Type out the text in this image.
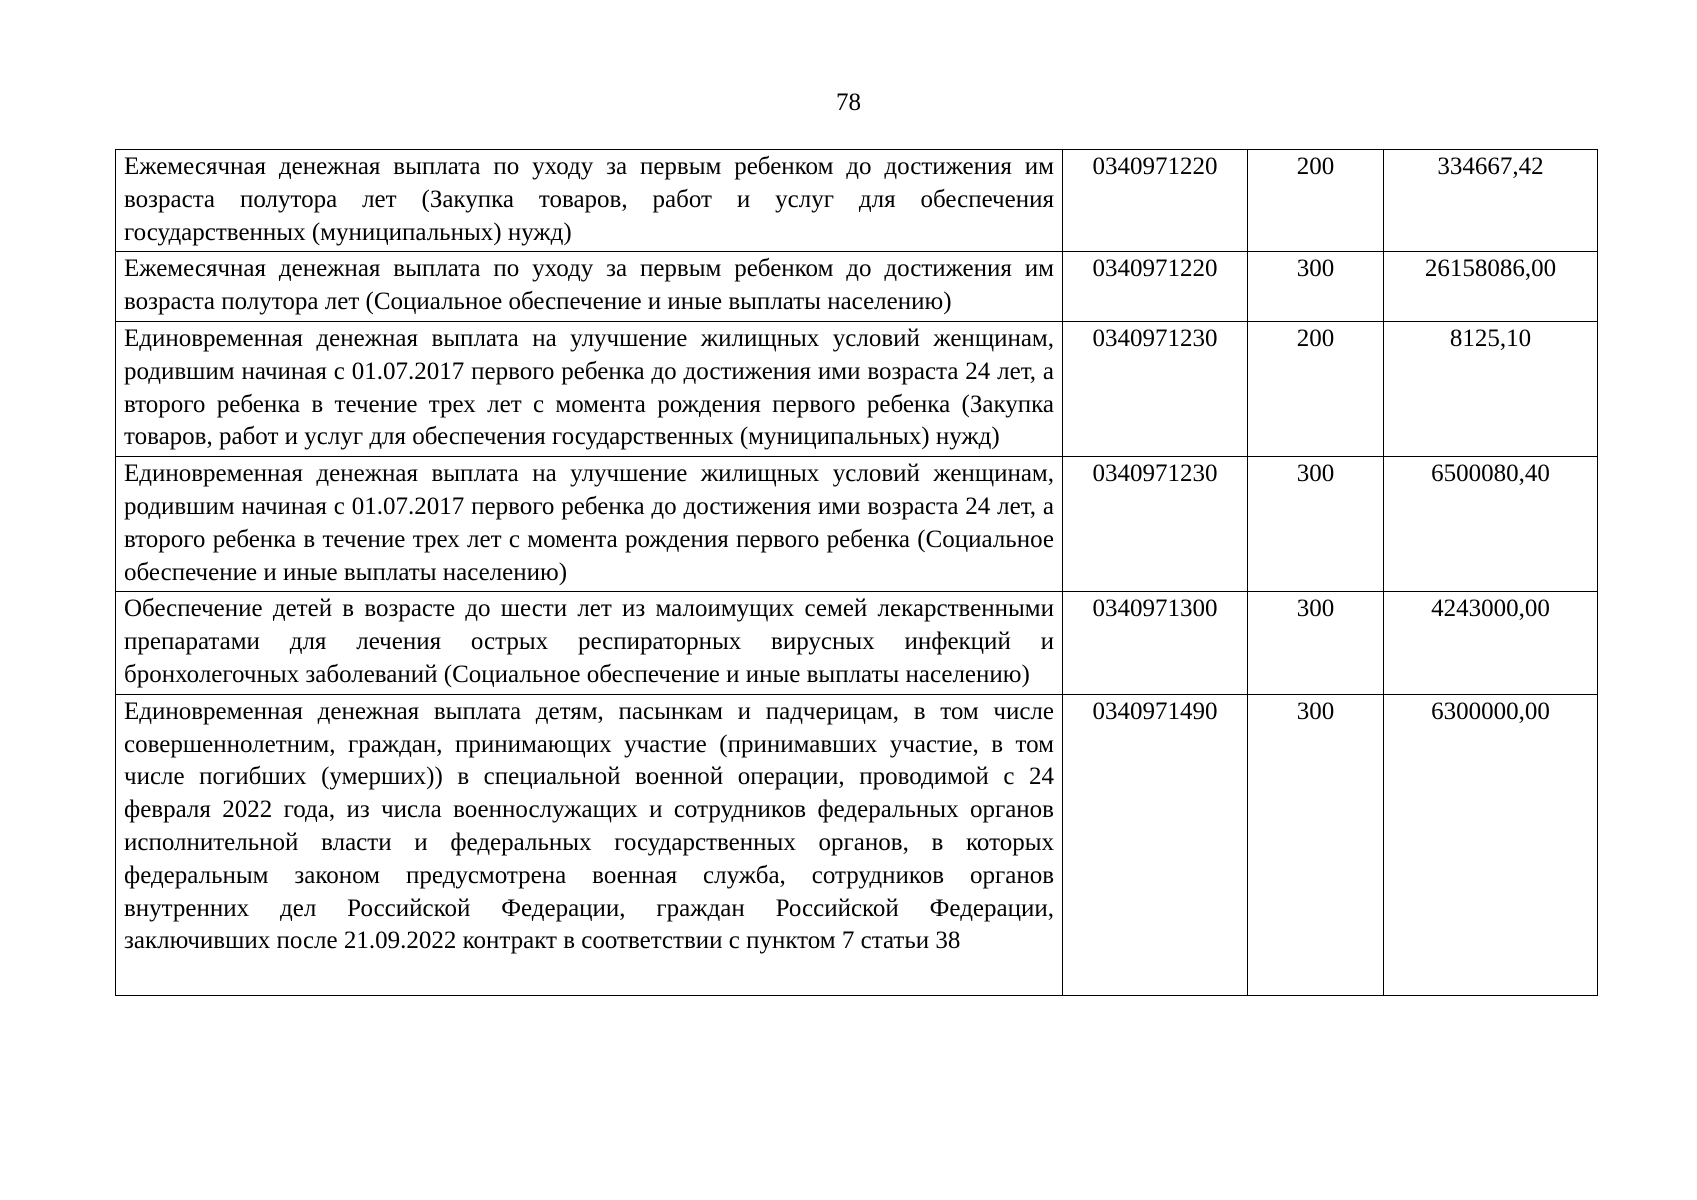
78
Ежемесячная денежная выплата по уходу за первым ребенком до достижения им возраста полутора лет (Закупка товаров, работ и услуг для обеспечения государственных (муниципальных) нужд)	0340971220	200	334667,42
Ежемесячная денежная выплата по уходу за первым ребенком до достижения им возраста полутора лет (Социальное обеспечение и иные выплаты населению)	0340971220	300	26158086,00
Единовременная денежная выплата на улучшение жилищных условий женщинам, родившим начиная с 01.07.2017 первого ребенка до достижения ими возраста 24 лет, а второго ребенка в течение трех лет с момента рождения первого ребенка (Закупка товаров, работ и услуг для обеспечения государственных (муниципальных) нужд)	0340971230	200	8125,10
Единовременная денежная выплата на улучшение жилищных условий женщинам, родившим начиная с 01.07.2017 первого ребенка до достижения ими возраста 24 лет, а второго ребенка в течение трех лет с момента рождения первого ребенка (Социальное обеспечение и иные выплаты населению)	0340971230	300	6500080,40
Обеспечение детей в возрасте до шести лет из малоимущих семей лекарственными препаратами для лечения острых респираторных вирусных инфекций и бронхолегочных заболеваний (Социальное обеспечение и иные выплаты населению)	0340971300	300	4243000,00

Единовременная денежная выплата детям, пасынкам и падчерицам, в том числе совершеннолетним, граждан, принимающих участие (принимавших участие, в том числе погибших (умерших)) в специальной военной операции, проводимой с 24 февраля 2022 года, из числа военнослужащих и сотрудников федеральных органов исполнительной власти и федеральных государственных органов, в которых федеральным законом предусмотрена военная служба, сотрудников органов внутренних дел Российской Федерации, граждан Российской Федерации, заключивших после 21.09.2022 контракт в соответствии с пунктом 7 статьи 38	0340971490	300	6300000,00
